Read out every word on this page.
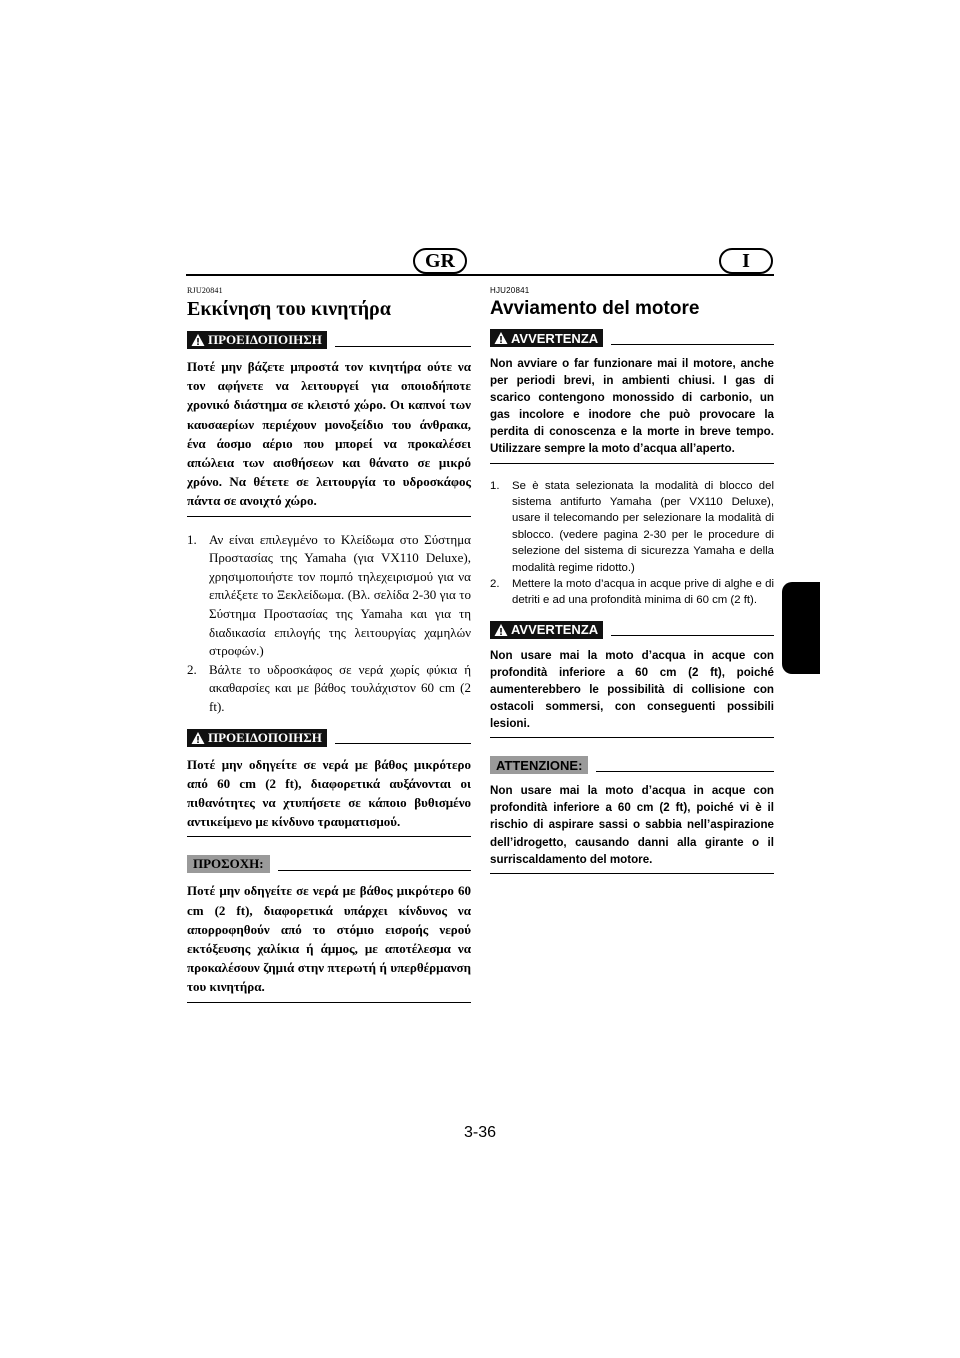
GR	I
RJU20841
Εκκίνηση του κινητήρα
ΠΡΟΕΙΔΟΠΟΙΗΣΗ

Ποτέ μην βάζετε μπροστά τον κινητήρα ούτε να τον αφήνετε να λειτουργεί για οποιοδήποτε χρονικό διάστημα σε κλειστό χώρο. Οι καπνοί των καυσαερίων περιέχουν μονοξείδιο του άνθρακα, ένα άοσμο αέριο που μπορεί να προκαλέσει απώλεια των αισθήσεων και θάνατο σε μικρό χρόνο. Να θέτετε σε λειτουργία το υδροσκάφος πάντα σε ανοιχτό χώρο.

1. Αν είναι επιλεγμένο το Κλείδωμα στο Σύστημα Προστασίας της Yamaha (για VX110 Deluxe), χρησιμοποιήστε τον πομπό τηλεχειρισμού για να επιλέξετε το Ξεκλείδωμα. (Βλ. σελίδα 2-30 για το Σύστημα Προστασίας της Yamaha και για τη διαδικασία επιλογής της λειτουργίας χαμηλών στροφών.)
2. Βάλτε το υδροσκάφος σε νερά χωρίς φύκια ή ακαθαρσίες και με βάθος τουλάχιστον 60 cm (2 ft).
ΠΡΟΕΙΔΟΠΟΙΗΣΗ

Ποτέ μην οδηγείτε σε νερά με βάθος μικρότερο από 60 cm (2 ft), διαφορετικά αυξάνονται οι πιθανότητες να χτυπήσετε σε κάποιο βυθισμένο αντικείμενο με κίνδυνο τραυματισμού.

ΠΡΟΣΟΧΗ:

Ποτέ μην οδηγείτε σε νερά με βάθος μικρότερο 60 cm (2 ft), διαφορετικά υπάρχει κίνδυνος να απορροφηθούν από το στόμιο εισροής νερού εκτόξευσης χαλίκια ή άμμος, με αποτέλεσμα να προκαλέσουν ζημιά στην πτερωτή ή υπερθέρμανση του κινητήρα.

HJU20841
Avviamento del motore
AVVERTENZA

Non avviare o far funzionare mai il motore, anche per periodi brevi, in ambienti chiusi. I gas di scarico contengono monossido di carbonio, un gas incolore e inodore che può provocare la perdita di conoscenza e la morte in breve tempo. Utilizzare sempre la moto d’acqua all’aperto.

1.	Se è stata selezionata la modalità di blocco del sistema antifurto Yamaha (per VX110 Deluxe), usare il telecomando per selezionare la modalità di sblocco. (vedere pagina 2-30 per le procedure di selezione del sistema di sicurezza Yamaha e della modalità regime ridotto.)
2.	Mettere la moto d’acqua in acque prive di alghe e di detriti e ad una profondità minima di 60 cm (2 ft).
AVVERTENZA

Non usare mai la moto d’acqua in acque con profondità inferiore a 60 cm (2 ft), poiché aumenterebbero le possibilità di collisione con ostacoli sommersi, con conseguenti possibili lesioni.

ATTENZIONE:

Non usare mai la moto d’acqua in acque con profondità inferiore a 60 cm (2 ft), poiché vi è il rischio di aspirare sassi o sabbia nell’aspirazione dell’idrogetto, causando danni alla girante o il surriscaldamento del motore.

3-36
